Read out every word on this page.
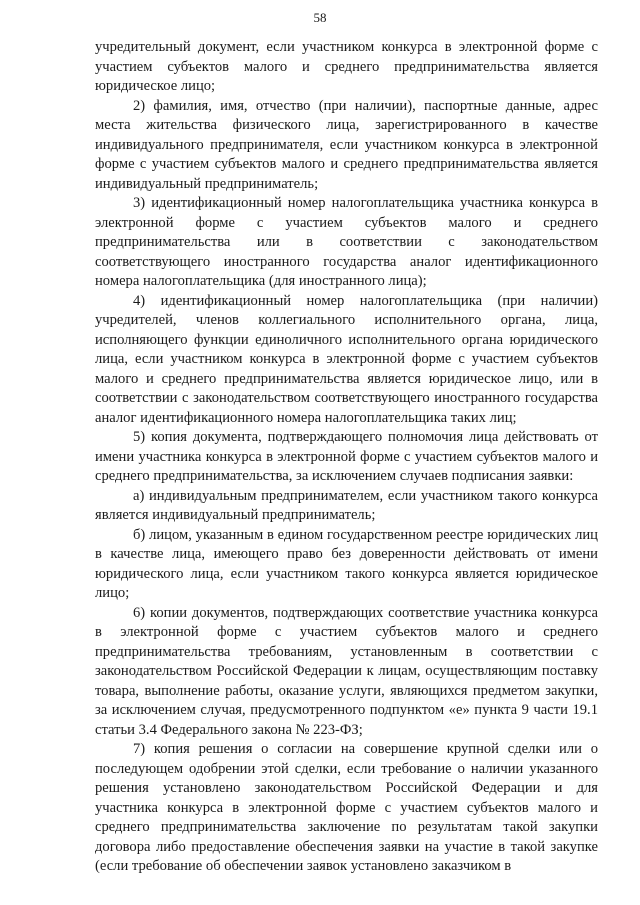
58

учредительный документ, если участником конкурса в электронной форме с участием субъектов малого и среднего предпринимательства является юридическое лицо;

2) фамилия, имя, отчество (при наличии), паспортные данные, адрес места жительства физического лица, зарегистрированного в качестве индивидуального предпринимателя, если участником конкурса в электронной форме с участием субъектов малого и среднего предпринимательства является индивидуальный предприниматель;

3) идентификационный номер налогоплательщика участника конкурса в электронной форме с участием субъектов малого и среднего предпринимательства или в соответствии с законодательством соответствующего иностранного государства аналог идентификационного номера налогоплательщика (для иностранного лица);

4) идентификационный номер налогоплательщика (при наличии) учредителей, членов коллегиального исполнительного органа, лица, исполняющего функции единоличного исполнительного органа юридического лица, если участником конкурса в электронной форме с участием субъектов малого и среднего предпринимательства является юридическое лицо, или в соответствии с законодательством соответствующего иностранного государства аналог идентификационного номера налогоплательщика таких лиц;

5) копия документа, подтверждающего полномочия лица действовать от имени участника конкурса в электронной форме с участием субъектов малого и среднего предпринимательства, за исключением случаев подписания заявки:

а) индивидуальным предпринимателем, если участником такого конкурса является индивидуальный предприниматель;

б) лицом, указанным в едином государственном реестре юридических лиц в качестве лица, имеющего право без доверенности действовать от имени юридического лица, если участником такого конкурса является юридическое лицо;

6) копии документов, подтверждающих соответствие участника конкурса в электронной форме с участием субъектов малого и среднего предпринимательства требованиям, установленным в соответствии с законодательством Российской Федерации к лицам, осуществляющим поставку товара, выполнение работы, оказание услуги, являющихся предметом закупки, за исключением случая, предусмотренного подпунктом «е» пункта 9 части 19.1 статьи 3.4 Федерального закона № 223-ФЗ;

7) копия решения о согласии на совершение крупной сделки или о последующем одобрении этой сделки, если требование о наличии указанного решения установлено законодательством Российской Федерации и для участника конкурса в электронной форме с участием субъектов малого и среднего предпринимательства заключение по результатам такой закупки договора либо предоставление обеспечения заявки на участие в такой закупке (если требование об обеспечении заявок установлено заказчиком в
